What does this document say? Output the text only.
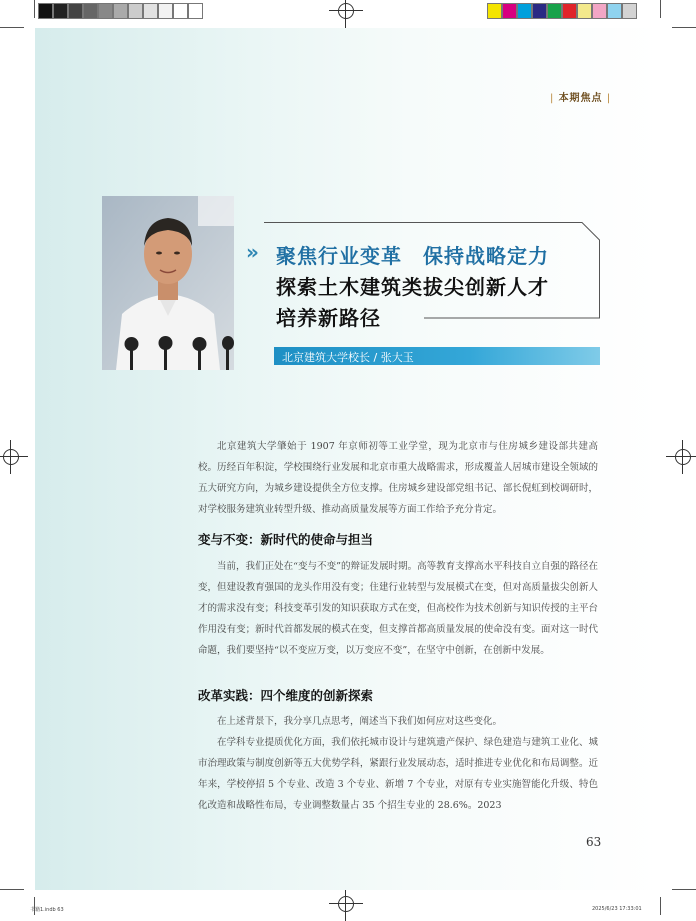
| 本期焦点 |
» 聚焦行业变革　保持战略定力
探索土木建筑类拔尖创新人才
培养新路径
北京建筑大学校长 / 张大玉

北京建筑大学肇始于 1907 年京师初等工业学堂，现为北京市与住房城乡建设部共建高校。历经百年积淀，学校围绕行业发展和北京市重大战略需求，形成覆盖人居城市建设全领域的五大研究方向，为城乡建设提供全方位支撑。住房城乡建设部党组书记、部长倪虹到校调研时，对学校服务建筑业转型升级、推动高质量发展等方面工作给予充分肯定。

变与不变：新时代的使命与担当

当前，我们正处在“变与不变”的辩证发展时期。高等教育支撑高水平科技自立自强的路径在变，但建设教育强国的龙头作用没有变；住建行业转型与发展模式在变，但对高质量拔尖创新人才的需求没有变；科技变革引发的知识获取方式在变，但高校作为技术创新与知识传授的主平台作用没有变；新时代首都发展的模式在变，但支撑首都高质量发展的使命没有变。面对这一时代命题，我们要坚持“以不变应万变，以万变应不变”，在坚守中创新，在创新中发展。

改革实践：四个维度的创新探索

在上述背景下，我分享几点思考，阐述当下我们如何应对这些变化。

在学科专业提质优化方面，我们依托城市设计与建筑遗产保护、绿色建造与建筑工业化、城市治理政策与制度创新等五大优势学科，紧跟行业发展动态，适时推进专业优化和布局调整。近年来，学校停招 5 个专业、改造 3 个专业、新增 7 个专业，对原有专业实施智能化升级、特色化改造和战略性布局，专业调整数量占 35 个招生专业的 28.6%。2023

63
书籍1.indb 63	2025/6/23 17:33:01
